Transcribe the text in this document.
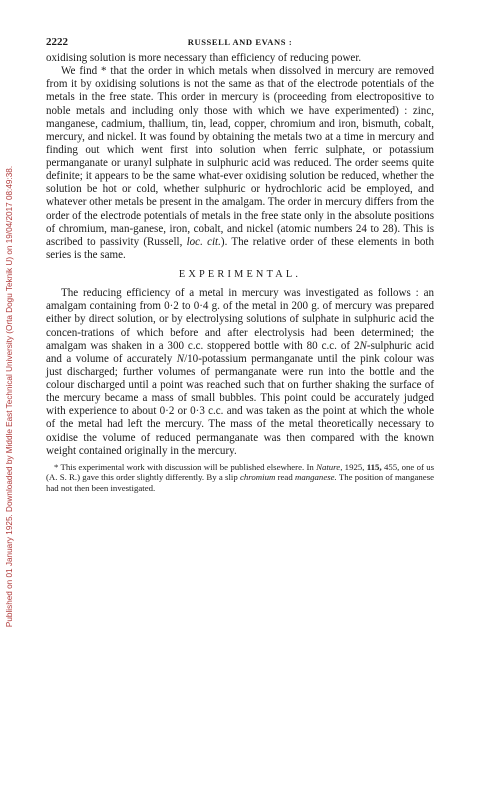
Published on 01 January 1925. Downloaded by Middle East Technical University (Orta Dogu Teknik U) on 19/04/2017 08:49:38.
2222	RUSSELL AND EVANS :

oxidising solution is more necessary than efficiency of reducing power.

We find * that the order in which metals when dissolved in mercury are removed from it by oxidising solutions is not the same as that of the electrode potentials of the metals in the free state. This order in mercury is (proceeding from electropositive to noble metals and including only those with which we have experimented) : zinc, manganese, cadmium, thallium, tin, lead, copper, chromium and iron, bismuth, cobalt, mercury, and nickel. It was found by obtaining the metals two at a time in mercury and finding out which went first into solution when ferric sulphate, or potassium permanganate or uranyl sulphate in sulphuric acid was reduced. The order seems quite definite; it appears to be the same what-ever oxidising solution be reduced, whether the solution be hot or cold, whether sulphuric or hydrochloric acid be employed, and whatever other metals be present in the amalgam. The order in mercury differs from the order of the electrode potentials of metals in the free state only in the absolute positions of chromium, man-ganese, iron, cobalt, and nickel (atomic numbers 24 to 28). This is ascribed to passivity (Russell, loc. cit.). The relative order of these elements in both series is the same.

EXPERIMENTAL.

The reducing efficiency of a metal in mercury was investigated as follows : an amalgam containing from 0·2 to 0·4 g. of the metal in 200 g. of mercury was prepared either by direct solution, or by electrolysing solutions of sulphate in sulphuric acid the concen-trations of which before and after electrolysis had been determined; the amalgam was shaken in a 300 c.c. stoppered bottle with 80 c.c. of 2N-sulphuric acid and a volume of accurately N/10-potassium permanganate until the pink colour was just discharged; further volumes of permanganate were run into the bottle and the colour discharged until a point was reached such that on further shaking the surface of the mercury became a mass of small bubbles. This point could be accurately judged with experience to about 0·2 or 0·3 c.c. and was taken as the point at which the whole of the metal had left the mercury. The mass of the metal theoretically necessary to oxidise the volume of reduced permanganate was then compared with the known weight contained originally in the mercury.

* This experimental work with discussion will be published elsewhere. In Nature, 1925, 115, 455, one of us (A. S. R.) gave this order slightly differently. By a slip chromium read manganese. The position of manganese had not then been investigated.
